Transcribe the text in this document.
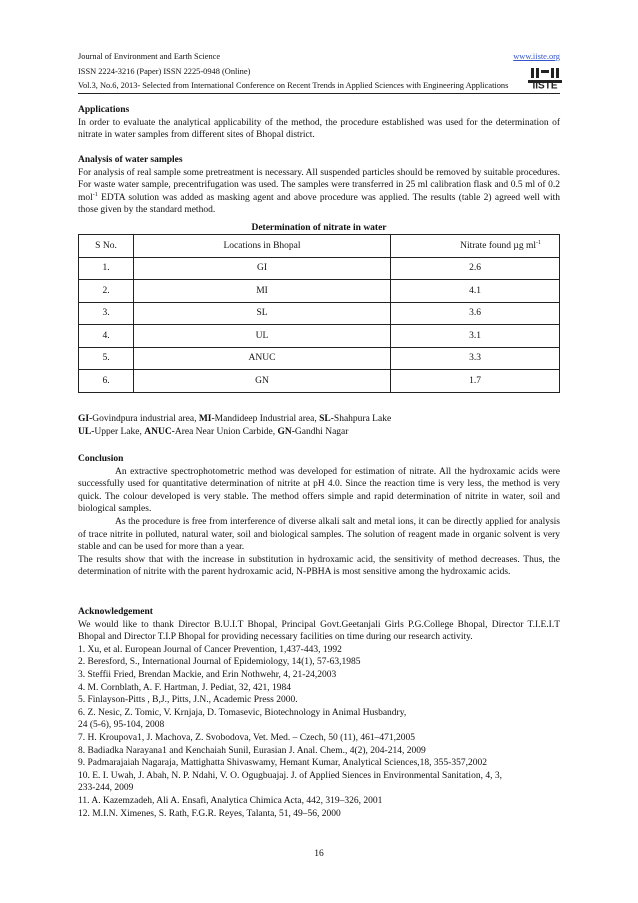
Journal of Environment and Earth Science	www.iiste.org
ISSN 2224-3216 (Paper) ISSN 2225-0948 (Online)
Vol.3, No.6, 2013- Selected from International Conference on Recent Trends in Applied Sciences with Engineering Applications	IISTE
Applications
In order to evaluate the analytical applicability of the method, the procedure established was used for the determination of nitrate in water samples from different sites of Bhopal district.
Analysis of water samples
For analysis of real sample some pretreatment is necessary. All suspended particles should be removed by suitable procedures. For waste water sample, precentrifugation was used. The samples were transferred in 25 ml calibration flask and 0.5 ml of 0.2 mol$^{-1}$ EDTA solution was added as masking agent and above procedure was applied. The results (table 2) agreed well with those given by the standard method.
Determination of nitrate in water
S No.	Locations in Bhopal	Nitrate found µg $ml^{-1}$
1.	GI	2.6
2.	MI	4.1
3.	SL	3.6
4.	UL	3.1
5.	ANUC	3.3
6.	GN	1.7
GI-Govindpura industrial area, MI-Mandideep Industrial area, SL-Shahpura Lake
UL-Upper Lake, ANUC-Area Near Union Carbide, GN-Gandhi Nagar
Conclusion
An extractive spectrophotometric method was developed for estimation of nitrate. All the hydroxamic acids were successfully used for quantitative determination of nitrite at pH 4.0. Since the reaction time is very less, the method is very quick. The colour developed is very stable. The method offers simple and rapid determination of nitrite in water, soil and biological samples.
As the procedure is free from interference of diverse alkali salt and metal ions, it can be directly applied for analysis of trace nitrite in polluted, natural water, soil and biological samples. The solution of reagent made in organic solvent is very stable and can be used for more than a year.
The results show that with the increase in substitution in hydroxamic acid, the sensitivity of method decreases. Thus, the determination of nitrite with the parent hydroxamic acid, N-PBHA is most sensitive among the hydroxamic acids.
Acknowledgement
We would like to thank Director B.U.I.T Bhopal, Principal Govt.Geetanjali Girls P.G.College Bhopal, Director T.I.E.I.T Bhopal and Director T.I.P Bhopal for providing necessary facilities on time during our research activity.
1. Xu, et al. European Journal of Cancer Prevention, 1,437-443, 1992
2. Beresford, S., International Journal of Epidemiology, 14(1), 57-63,1985
3. Steffii Fried, Brendan Mackie, and Erin Nothwehr, 4, 21-24,2003
4. M. Cornblath, A. F. Hartman, J. Pediat, 32, 421, 1984
5. Finlayson-Pitts , B,J., Pitts, J.N., Academic Press 2000.
6. Z. Nesic, Z. Tomic, V. Krnjaja, D. Tomasevic, Biotechnology in Animal Husbandry,
24 (5-6), 95-104, 2008
7. H. Kroupova1, J. Machova, Z. Svobodova, Vet. Med. – Czech, 50 (11), 461–471,2005
8. Badiadka Narayana1 and Kenchaiah Sunil, Eurasian J. Anal. Chem., 4(2), 204-214, 2009
9. Padmarajaiah Nagaraja, Mattighatta Shivaswamy, Hemant Kumar, Analytical Sciences,18, 355-357,2002
10. E. I. Uwah, J. Abah, N. P. Ndahi, V. O. Ogugbuajaj. J. of Applied Siences in Environmental Sanitation, 4, 3,
233-244, 2009
11. A. Kazemzadeh, Ali A. Ensafi, Analytica Chimica Acta, 442, 319–326, 2001
12. M.I.N. Ximenes, S. Rath, F.G.R. Reyes, Talanta, 51, 49–56, 2000
16
